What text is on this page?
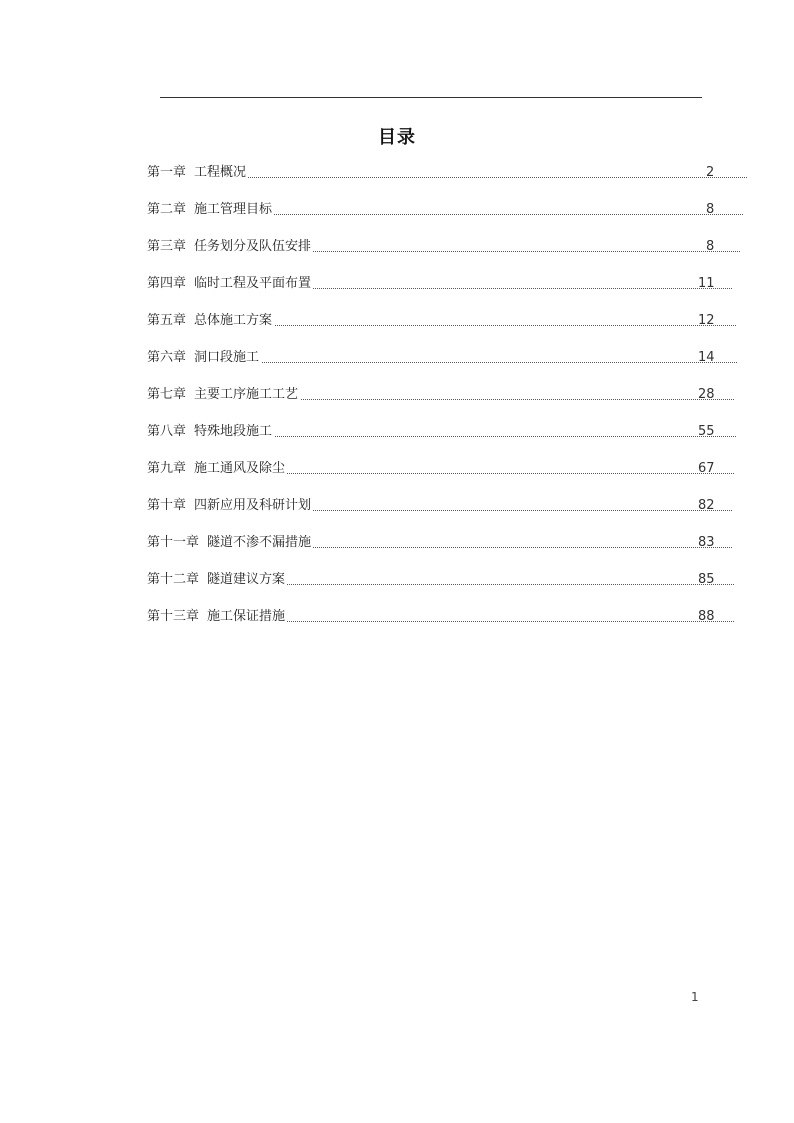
目录
第一章 工程概况	2
第二章 施工管理目标	8
第三章 任务划分及队伍安排	8
第四章 临时工程及平面布置	11
第五章 总体施工方案	12
第六章 洞口段施工	14
第七章 主要工序施工工艺	28
第八章 特殊地段施工	55
第九章 施工通风及除尘	67
第十章 四新应用及科研计划	82
第十一章 隧道不渗不漏措施	83
第十二章 隧道建议方案	85
第十三章 施工保证措施	88
1
